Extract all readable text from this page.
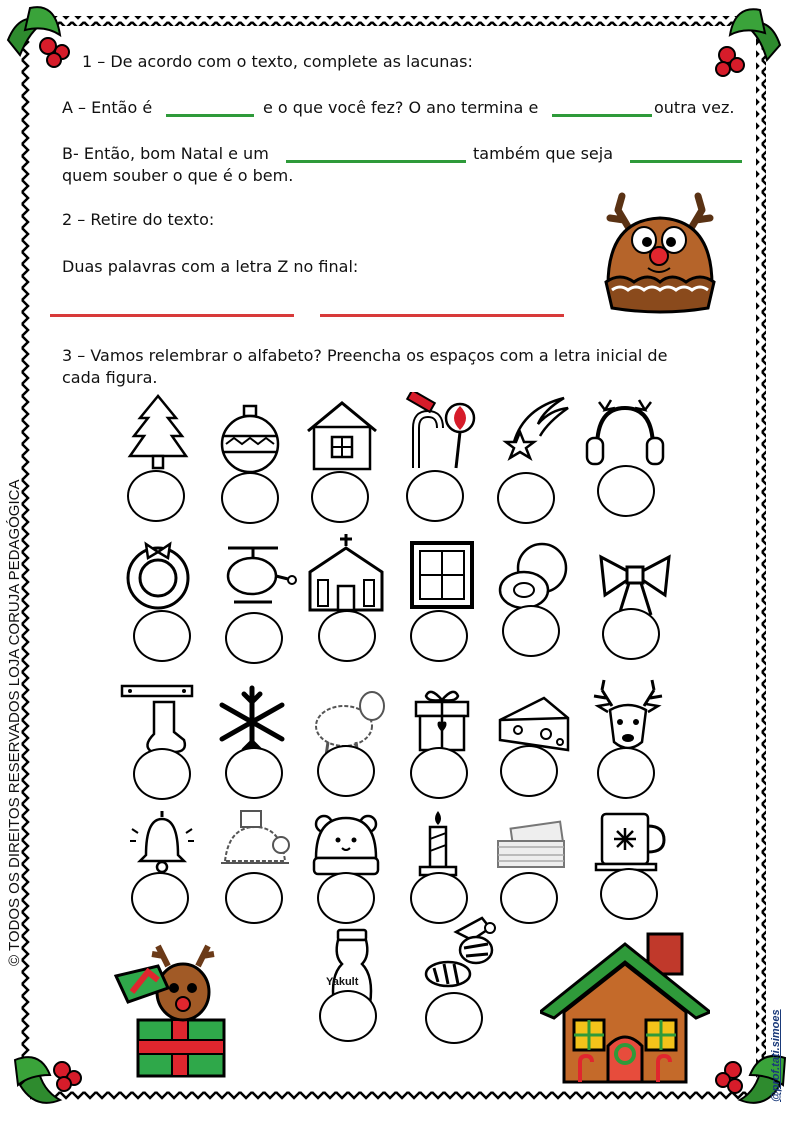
1 – De acordo com o texto, complete as lacunas:
A – Então é	e o que você fez? O ano termina e	outra vez.
B- Então, bom Natal e um	também que seja
quem souber o que é o bem.
2 – Retire do texto:
Duas palavras com a letra Z no final:
3 – Vamos relembrar o alfabeto? Preencha os espaços com a letra inicial de
cada figura.
Yakult
© TODOS OS DIREITOS RESERVADOS LOJA CORUJA PEDAGÓGICA
@prof.tati.simoes
